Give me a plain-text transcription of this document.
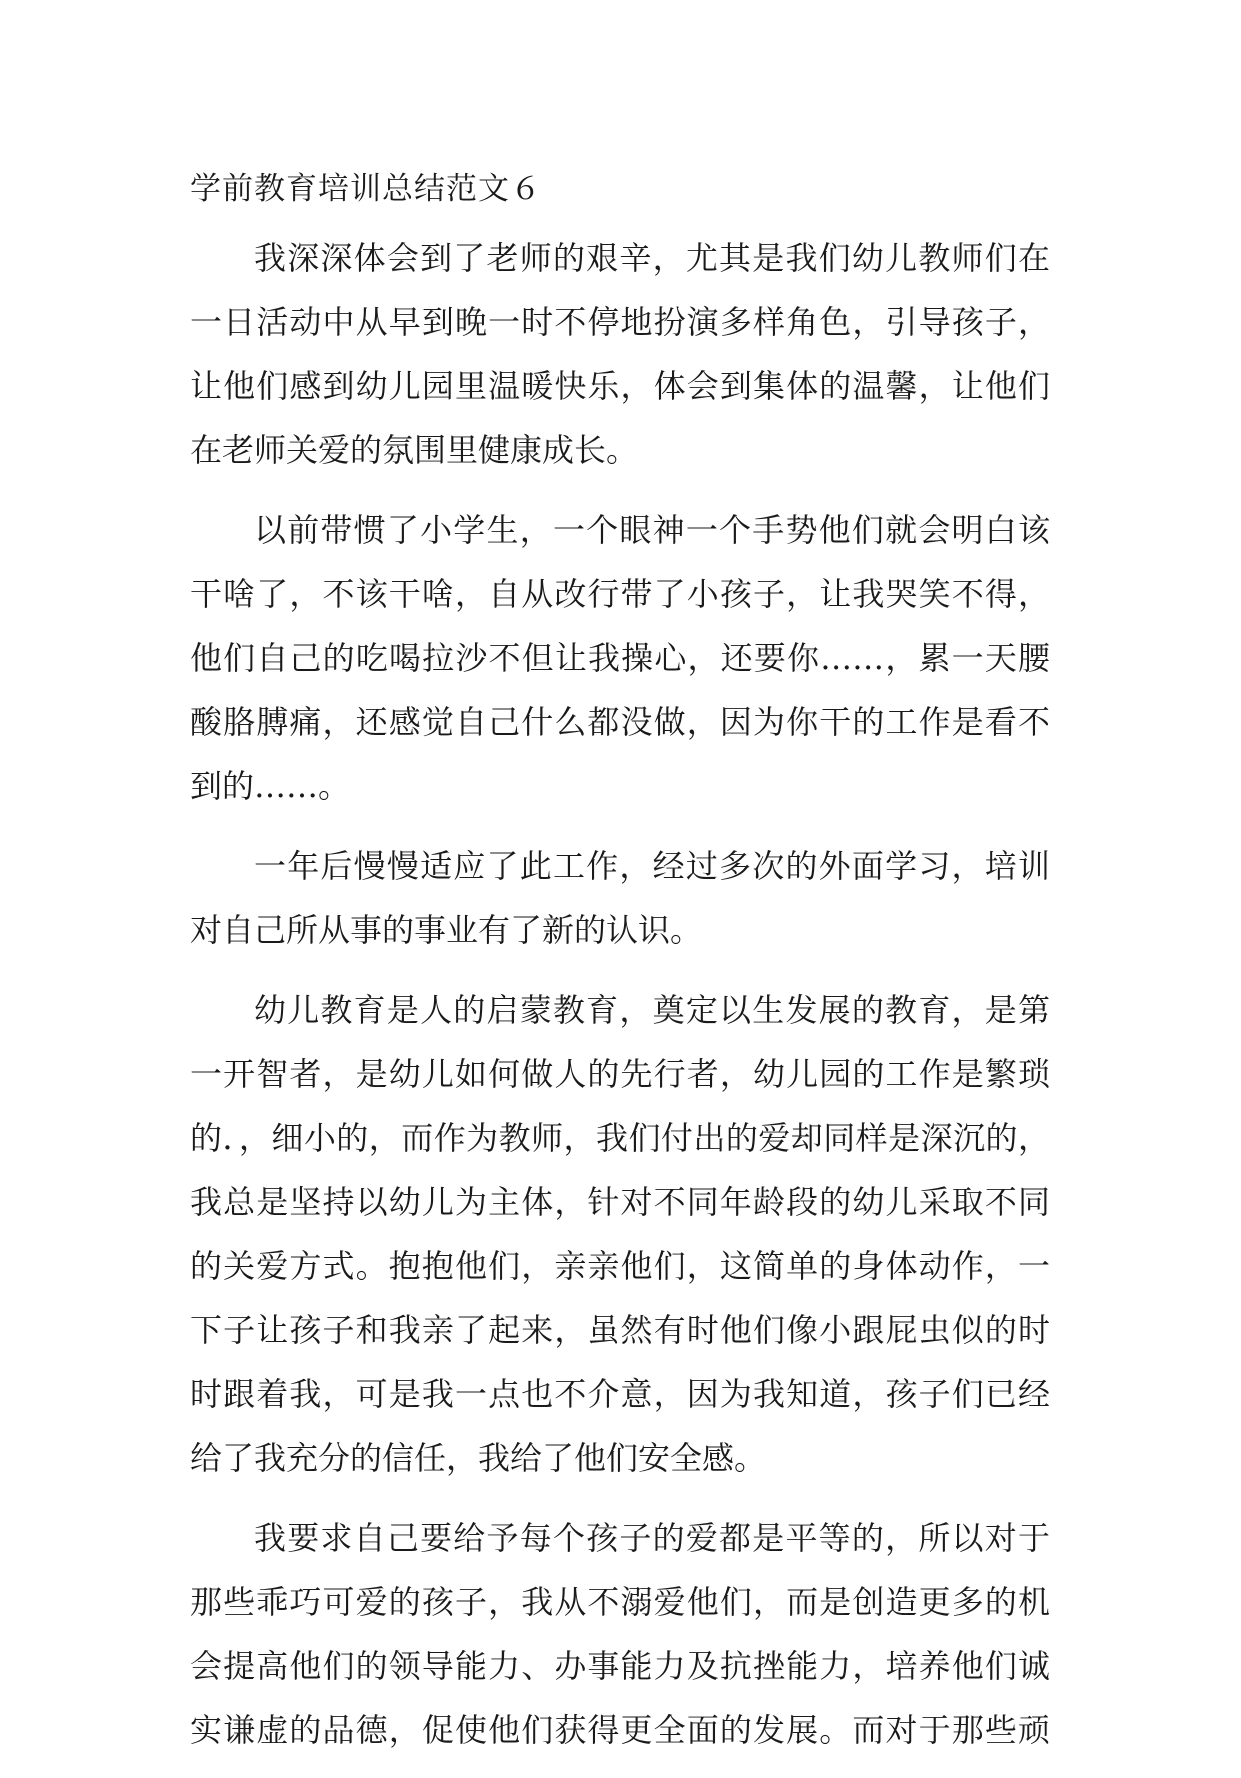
学前教育培训总结范文６
我深深体会到了老师的艰辛，尤其是我们幼儿教师们在
一日活动中从早到晚一时不停地扮演多样角色，引导孩子，
让他们感到幼儿园里温暖快乐，体会到集体的温馨，让他们
在老师关爱的氛围里健康成长。
以前带惯了小学生，一个眼神一个手势他们就会明白该
干啥了，不该干啥，自从改行带了小孩子，让我哭笑不得，
他们自己的吃喝拉沙不但让我操心，还要你……，累一天腰
酸胳膊痛，还感觉自己什么都没做，因为你干的工作是看不
到的……。
一年后慢慢适应了此工作，经过多次的外面学习，培训
对自己所从事的事业有了新的认识。
幼儿教育是人的启蒙教育，奠定以生发展的教育，是第
一开智者，是幼儿如何做人的先行者，幼儿园的工作是繁琐
的．，细小的，而作为教师，我们付出的爱却同样是深沉的，
我总是坚持以幼儿为主体，针对不同年龄段的幼儿采取不同
的关爱方式。抱抱他们，亲亲他们，这简单的身体动作，一
下子让孩子和我亲了起来，虽然有时他们像小跟屁虫似的时
时跟着我，可是我一点也不介意，因为我知道，孩子们已经
给了我充分的信任，我给了他们安全感。
我要求自己要给予每个孩子的爱都是平等的，所以对于
那些乖巧可爱的孩子，我从不溺爱他们，而是创造更多的机
会提高他们的领导能力、办事能力及抗挫能力，培养他们诚
实谦虚的品德，促使他们获得更全面的发展。而对于那些顽
